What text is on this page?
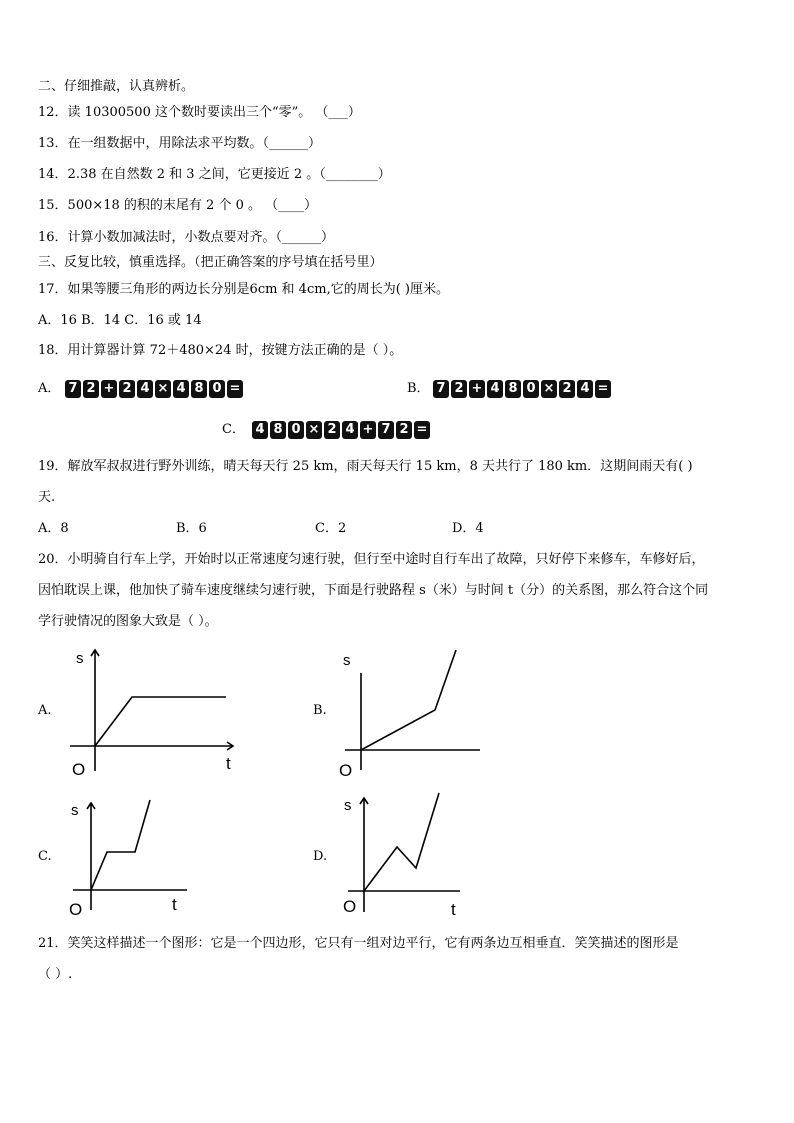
二、仔细推敲，认真辨析。
12．读 10300500 这个数时要读出三个“零”。 （___）
13．在一组数据中，用除法求平均数。（______）
14．2.38 在自然数 2 和 3 之间，它更接近 2 。（________）
15．500×18 的积的末尾有 2 个 0 。 （____）
16．计算小数加减法时，小数点要对齐。（______）
三、反复比较，慎重选择。（把正确答案的序号填在括号里）
17．如果等腰三角形的两边长分别是6cm 和 4cm,它的周长为( )厘米。
A．16 B．14 C．16 或 14
18．用计算器计算 72＋480×24 时，按键方法正确的是（ ）。
A． 7 2 + 2 4 × 4 8 0 =	B． 7 2 + 4 8 0 × 2 4 =
C． 4 8 0 × 2 4 + 7 2 =
19．解放军叔叔进行野外训练，晴天每天行 25 km，雨天每天行 15 km，8 天共行了 180 km．这期间雨天有( )
天.
A．8	B．6	C．2	D．4
20．小明骑自行车上学，开始时以正常速度匀速行驶，但行至中途时自行车出了故障，只好停下来修车，车修好后，
因怕耽误上课，他加快了骑车速度继续匀速行驶，下面是行驶路程 s（米）与时间 t（分）的关系图，那么符合这个同
学行驶情况的图象大致是（ ）。
A.
s
t
O
B.
s
O
C.
s
t
O
D.
s
t
O
21．笑笑这样描述一个图形：它是一个四边形，它只有一组对边平行，它有两条边互相垂直．笑笑描述的图形是
（ ）.
